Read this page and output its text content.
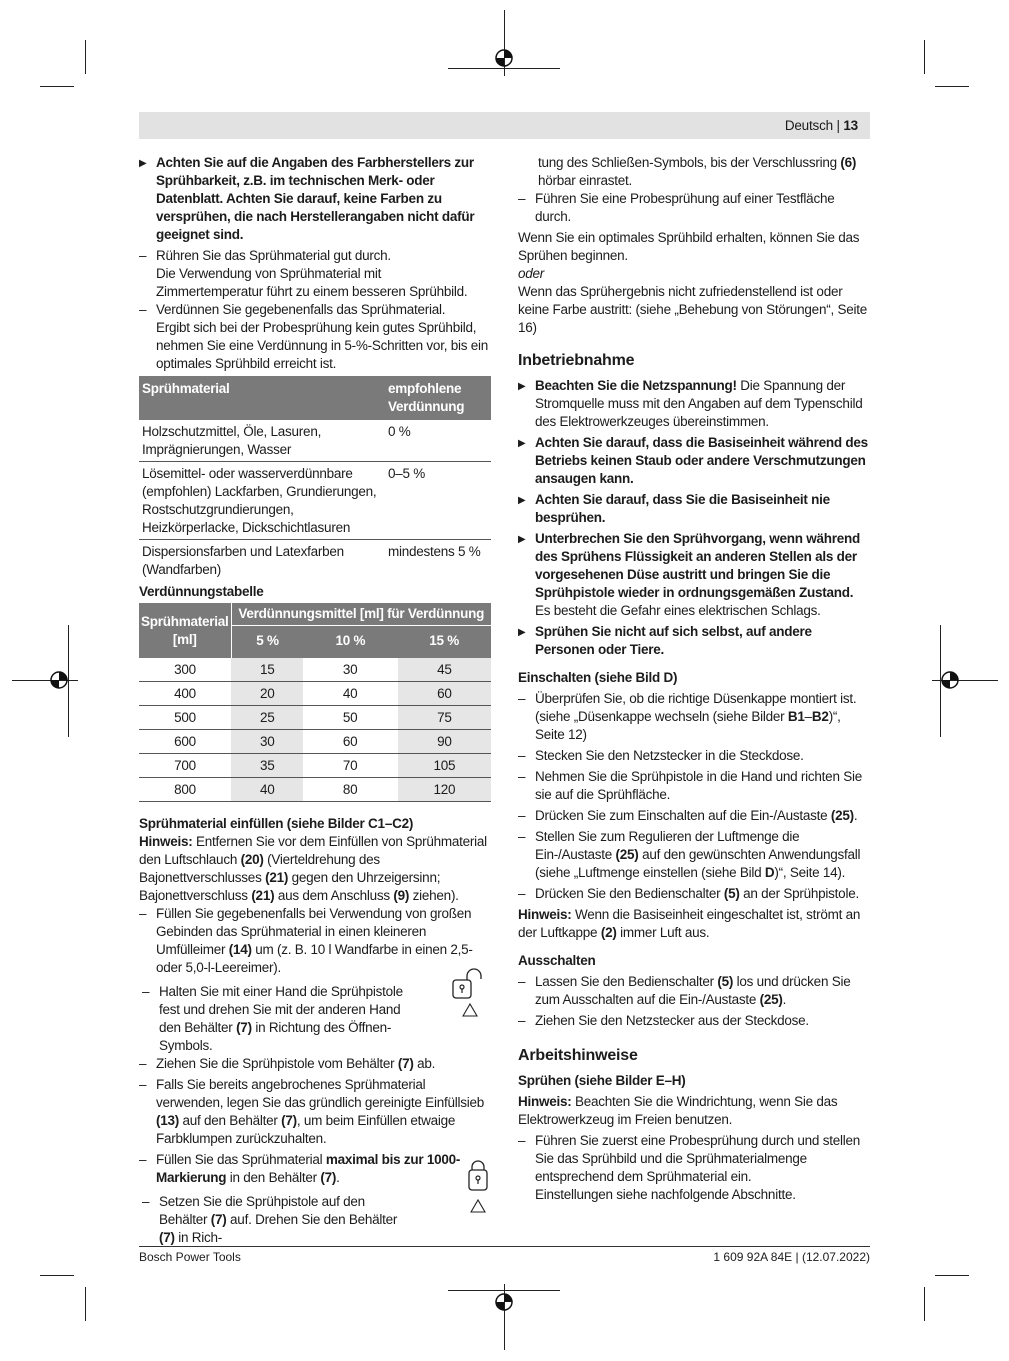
Deutsch | 13

▶ Achten Sie auf die Angaben des Farbherstellers zur Sprühbarkeit, z.B. im technischen Merk- oder Datenblatt. Achten Sie darauf, keine Farben zu versprühen, die nach Herstellerangaben nicht dafür geeignet sind.

– Rühren Sie das Sprühmaterial gut durch.
Die Verwendung von Sprühmaterial mit Zimmertemperatur führt zu einem besseren Sprühbild.

– Verdünnen Sie gegebenenfalls das Sprühmaterial.
Ergibt sich bei der Probesprühung kein gutes Sprühbild, nehmen Sie eine Verdünnung in 5-%-Schritten vor, bis ein optimales Sprühbild erreicht ist.

Sprühmaterial	empfohlene Verdünnung
Holzschutzmittel, Öle, Lasuren, Imprägnierungen, Wasser	0 %
Lösemittel- oder wasserverdünnbare (empfohlen) Lackfarben, Grundierungen, Rostschutzgrundierungen, Heizkörperlacke, Dickschichtlasuren	0–5 %
Dispersionsfarben und Latexfarben (Wandfarben)	mindestens 5 %
Verdünnungstabelle
Sprühmaterial [ml]	Verdünnungsmittel [ml] für Verdünnung		
	5 %	10 %	15 %
300	15	30	45
400	20	40	60
500	25	50	75
600	30	60	90
700	35	70	105
800	40	80	120
Sprühmaterial einfüllen (siehe Bilder C1–C2)

Hinweis: Entfernen Sie vor dem Einfüllen von Sprühmaterial den Luftschlauch (20) (Vierteldrehung des Bajonettverschlusses (21) gegen den Uhrzeigersinn; Bajonettverschluss (21) aus dem Anschluss (9) ziehen).

– Füllen Sie gegebenenfalls bei Verwendung von großen Gebinden das Sprühmaterial in einen kleineren Umfülleimer (14) um (z. B. 10 l Wandfarbe in einen 2,5- oder 5,0-l-Leereimer).

– Halten Sie mit einer Hand die Sprühpistole fest und drehen Sie mit der anderen Hand den Behälter (7) in Richtung des Öffnen-Symbols.

– Ziehen Sie die Sprühpistole vom Behälter (7) ab.

– Falls Sie bereits angebrochenes Sprühmaterial verwenden, legen Sie das gründlich gereinigte Einfüllsieb (13) auf den Behälter (7), um beim Einfüllen etwaige Farbklumpen zurückzuhalten.

– Füllen Sie das Sprühmaterial maximal bis zur 1000-Markierung in den Behälter (7).

– Setzen Sie die Sprühpistole auf den Behälter (7) auf. Drehen Sie den Behälter (7) in Rich-

tung des Schließen-Symbols, bis der Verschlussring (6) hörbar einrastet.

– Führen Sie eine Probesprühung auf einer Testfläche durch.

Wenn Sie ein optimales Sprühbild erhalten, können Sie das Sprühen beginnen.

oder

Wenn das Sprühergebnis nicht zufriedenstellend ist oder keine Farbe austritt: (siehe „Behebung von Störungen“, Seite 16)

Inbetriebnahme

▶ Beachten Sie die Netzspannung! Die Spannung der Stromquelle muss mit den Angaben auf dem Typenschild des Elektrowerkzeuges übereinstimmen.

▶ Achten Sie darauf, dass die Basiseinheit während des Betriebs keinen Staub oder andere Verschmutzungen ansaugen kann.

▶ Achten Sie darauf, dass Sie die Basiseinheit nie besprühen.

▶ Unterbrechen Sie den Sprühvorgang, wenn während des Sprühens Flüssigkeit an anderen Stellen als der vorgesehenen Düse austritt und bringen Sie die Sprühpistole wieder in ordnungsgemäßen Zustand. Es besteht die Gefahr eines elektrischen Schlags.

▶ Sprühen Sie nicht auf sich selbst, auf andere Personen oder Tiere.

Einschalten (siehe Bild D)

– Überprüfen Sie, ob die richtige Düsenkappe montiert ist. (siehe „Düsenkappe wechseln (siehe Bilder B1–B2)“, Seite 12)

– Stecken Sie den Netzstecker in die Steckdose.

– Nehmen Sie die Sprühpistole in die Hand und richten Sie sie auf die Sprühfläche.

– Drücken Sie zum Einschalten auf die Ein-/Austaste (25).

– Stellen Sie zum Regulieren der Luftmenge die Ein-/Austaste (25) auf den gewünschten Anwendungsfall (siehe „Luftmenge einstellen (siehe Bild D)“, Seite 14).

– Drücken Sie den Bedienschalter (5) an der Sprühpistole.

Hinweis: Wenn die Basiseinheit eingeschaltet ist, strömt an der Luftkappe (2) immer Luft aus.

Ausschalten

– Lassen Sie den Bedienschalter (5) los und drücken Sie zum Ausschalten auf die Ein-/Austaste (25).

– Ziehen Sie den Netzstecker aus der Steckdose.

Arbeitshinweise
Sprühen (siehe Bilder E–H)

Hinweis: Beachten Sie die Windrichtung, wenn Sie das Elektrowerkzeug im Freien benutzen.

– Führen Sie zuerst eine Probesprühung durch und stellen Sie das Sprühbild und die Sprühmaterialmenge entsprechend dem Sprühmaterial ein.
Einstellungen siehe nachfolgende Abschnitte.

Bosch Power Tools	1 609 92A 84E | (12.07.2022)
